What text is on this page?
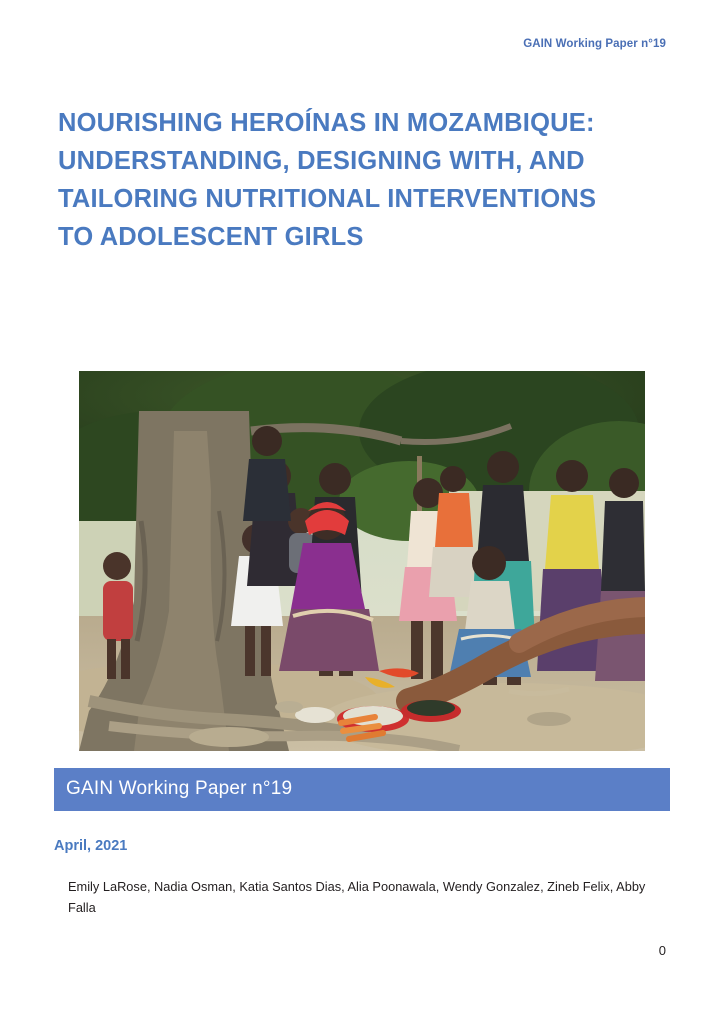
GAIN Working Paper n°19
NOURISHING HEROÍNAS IN MOZAMBIQUE: UNDERSTANDING, DESIGNING WITH, AND TAILORING NUTRITIONAL INTERVENTIONS TO ADOLESCENT GIRLS
GAIN Working Paper n°19
April, 2021
Emily LaRose, Nadia Osman, Katia Santos Dias, Alia Poonawala, Wendy Gonzalez, Zineb Felix, Abby Falla
0
